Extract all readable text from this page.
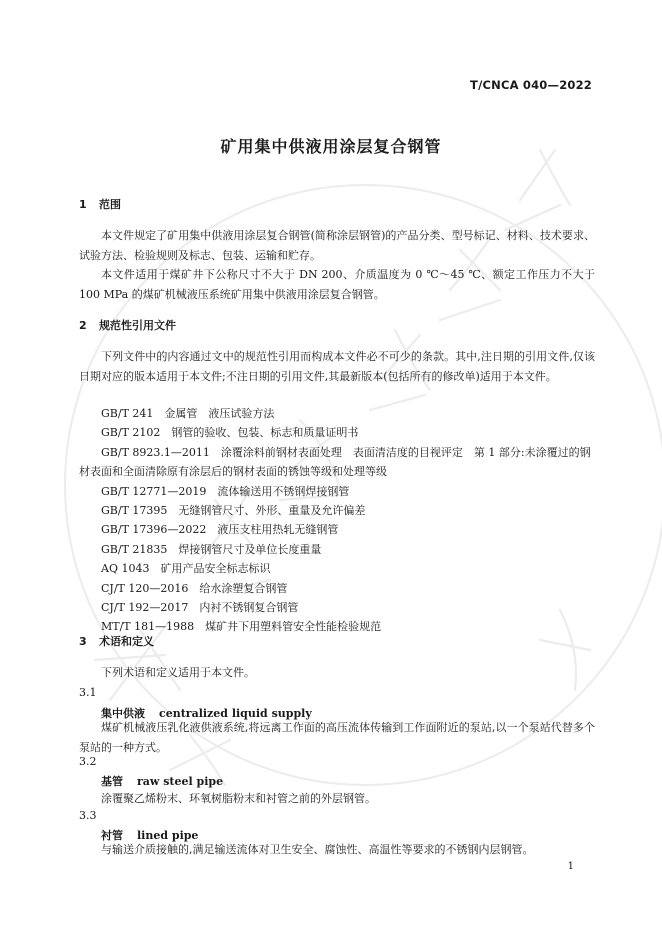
T/CNCA 040—2022
矿用集中供液用涂层复合钢管
1 范围
本文件规定了矿用集中供液用涂层复合钢管(简称涂层钢管)的产品分类、型号标记、材料、技术要求、试验方法、检验规则及标志、包装、运输和贮存。
本文件适用于煤矿井下公称尺寸不大于 DN 200、介质温度为 0 ℃～45 ℃、额定工作压力不大于 100 MPa 的煤矿机械液压系统矿用集中供液用涂层复合钢管。
2 规范性引用文件
下列文件中的内容通过文中的规范性引用而构成本文件必不可少的条款。其中,注日期的引用文件,仅该日期对应的版本适用于本文件;不注日期的引用文件,其最新版本(包括所有的修改单)适用于本文件。
GB/T 241　金属管　液压试验方法
GB/T 2102　钢管的验收、包装、标志和质量证明书
GB/T 8923.1—2011　涂覆涂料前钢材表面处理　表面清洁度的目视评定　第 1 部分:未涂覆过的钢材表面和全面清除原有涂层后的钢材表面的锈蚀等级和处理等级
GB/T 12771—2019　流体输送用不锈钢焊接钢管
GB/T 17395　无缝钢管尺寸、外形、重量及允许偏差
GB/T 17396—2022　液压支柱用热轧无缝钢管
GB/T 21835　焊接钢管尺寸及单位长度重量
AQ 1043　矿用产品安全标志标识
CJ/T 120—2016　给水涂塑复合钢管
CJ/T 192—2017　内衬不锈钢复合钢管
MT/T 181—1988　煤矿井下用塑料管安全性能检验规范
3 术语和定义
下列术语和定义适用于本文件。
3.1
集中供液 centralized liquid supply
煤矿机械液压乳化液供液系统,将远离工作面的高压流体传输到工作面附近的泵站,以一个泵站代替多个泵站的一种方式。
3.2
基管 raw steel pipe
涂覆聚乙烯粉末、环氧树脂粉末和衬管之前的外层钢管。
3.3
衬管 lined pipe
与输送介质接触的,满足输送流体对卫生安全、腐蚀性、高温性等要求的不锈钢内层钢管。
1
